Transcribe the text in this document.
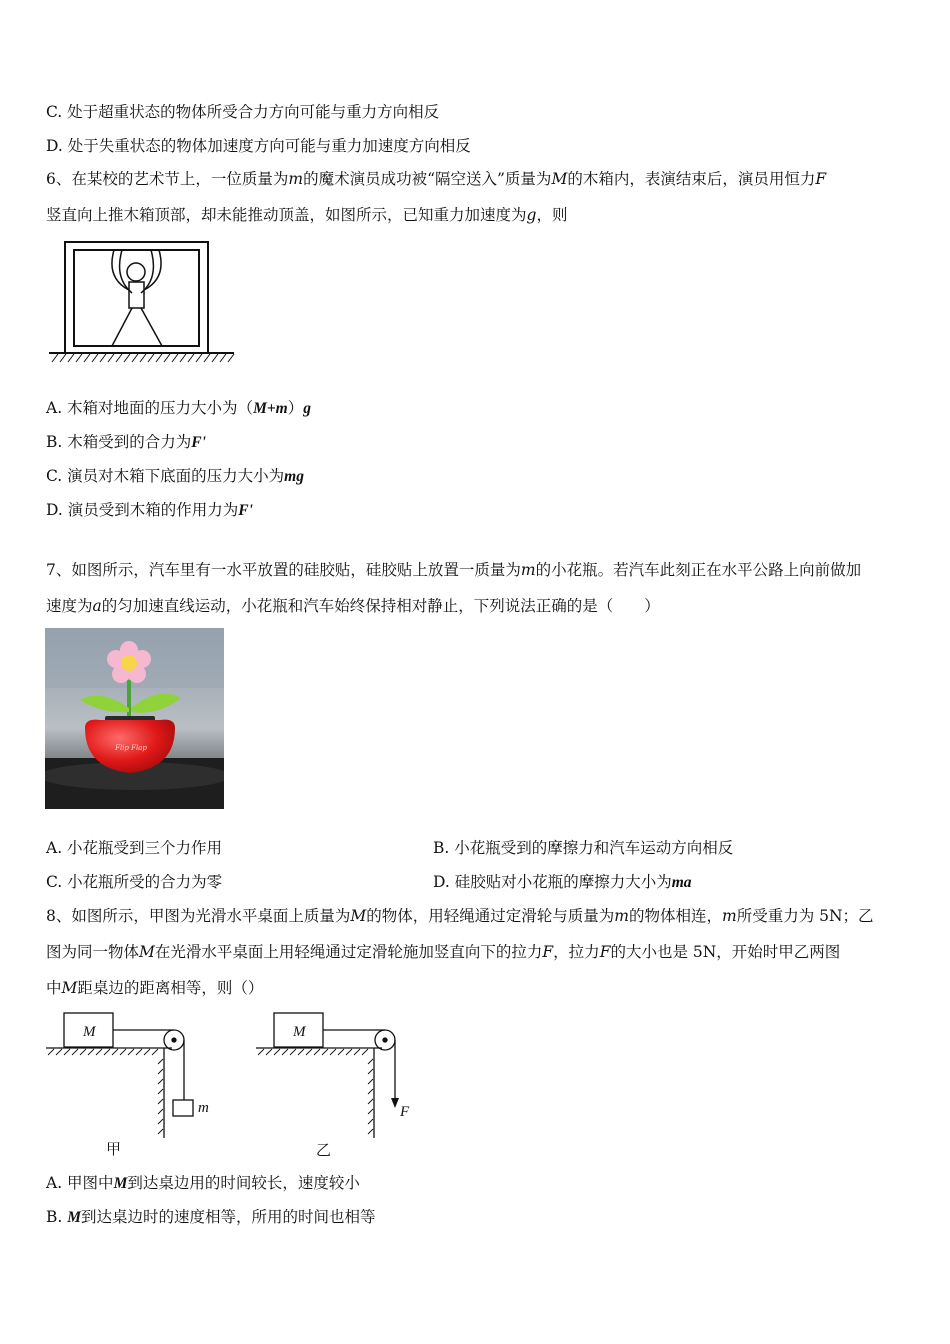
C. 处于超重状态的物体所受合力方向可能与重力方向相反
D. 处于失重状态的物体加速度方向可能与重力加速度方向相反
6、在某校的艺术节上，一位质量为m的魔术演员成功被“隔空送入”质量为M的木箱内，表演结束后，演员用恒力F
竖直向上推木箱顶部，却未能推动顶盖，如图所示，已知重力加速度为g，则
A. 木箱对地面的压力大小为（M+m）g
B. 木箱受到的合力为F'
C. 演员对木箱下底面的压力大小为mg
D. 演员受到木箱的作用力为F'
7、如图所示，汽车里有一水平放置的硅胶贴，硅胶贴上放置一质量为m的小花瓶。若汽车此刻正在水平公路上向前做加
速度为a的匀加速直线运动，小花瓶和汽车始终保持相对静止，下列说法正确的是（　　）
Flip Flap
A. 小花瓶受到三个力作用	B. 小花瓶受到的摩擦力和汽车运动方向相反
C. 小花瓶所受的合力为零	D. 硅胶贴对小花瓶的摩擦力大小为ma
8、如图所示，甲图为光滑水平桌面上质量为M的物体，用轻绳通过定滑轮与质量为m的物体相连，m所受重力为 5N；乙
图为同一物体M在光滑水平桌面上用轻绳通过定滑轮施加竖直向下的拉力F，拉力F的大小也是 5N，开始时甲乙两图
中M距桌边的距离相等，则（）
M	M
m	F
甲	乙
A. 甲图中M到达桌边用的时间较长，速度较小
B. M到达桌边时的速度相等，所用的时间也相等
